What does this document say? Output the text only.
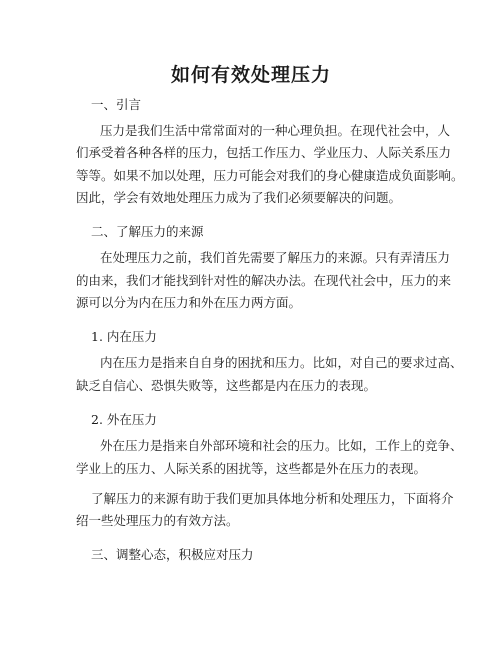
如何有效处理压力
一、引言
压力是我们生活中常常面对的一种心理负担。在现代社会中，人
们承受着各种各样的压力，包括工作压力、学业压力、人际关系压力
等等。如果不加以处理，压力可能会对我们的身心健康造成负面影响。
因此，学会有效地处理压力成为了我们必须要解决的问题。
二、了解压力的来源
在处理压力之前，我们首先需要了解压力的来源。只有弄清压力
的由来，我们才能找到针对性的解决办法。在现代社会中，压力的来
源可以分为内在压力和外在压力两方面。
1. 内在压力
内在压力是指来自自身的困扰和压力。比如，对自己的要求过高、
缺乏自信心、恐惧失败等，这些都是内在压力的表现。
2. 外在压力
外在压力是指来自外部环境和社会的压力。比如，工作上的竞争、
学业上的压力、人际关系的困扰等，这些都是外在压力的表现。
了解压力的来源有助于我们更加具体地分析和处理压力，下面将介
绍一些处理压力的有效方法。
三、调整心态，积极应对压力
